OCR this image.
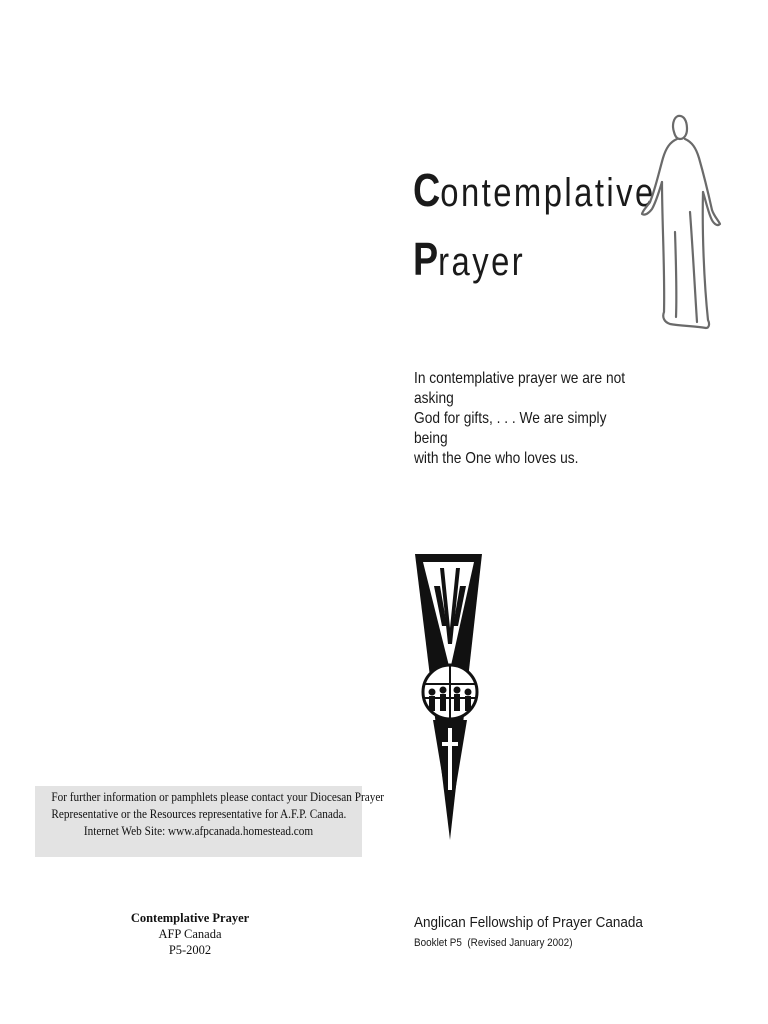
Contemplative
Prayer
In contemplative prayer we are not asking
God for gifts, . . . We are simply being
with the One who loves us.
For further information or pamphlets please contact your Diocesan Prayer
Representative or the Resources representative for A.F.P. Canada.
Internet Web Site: www.afpcanada.homestead.com
Contemplative Prayer
AFP Canada
P5-2002
Anglican Fellowship of Prayer Canada
Booklet P5  (Revised January 2002)
